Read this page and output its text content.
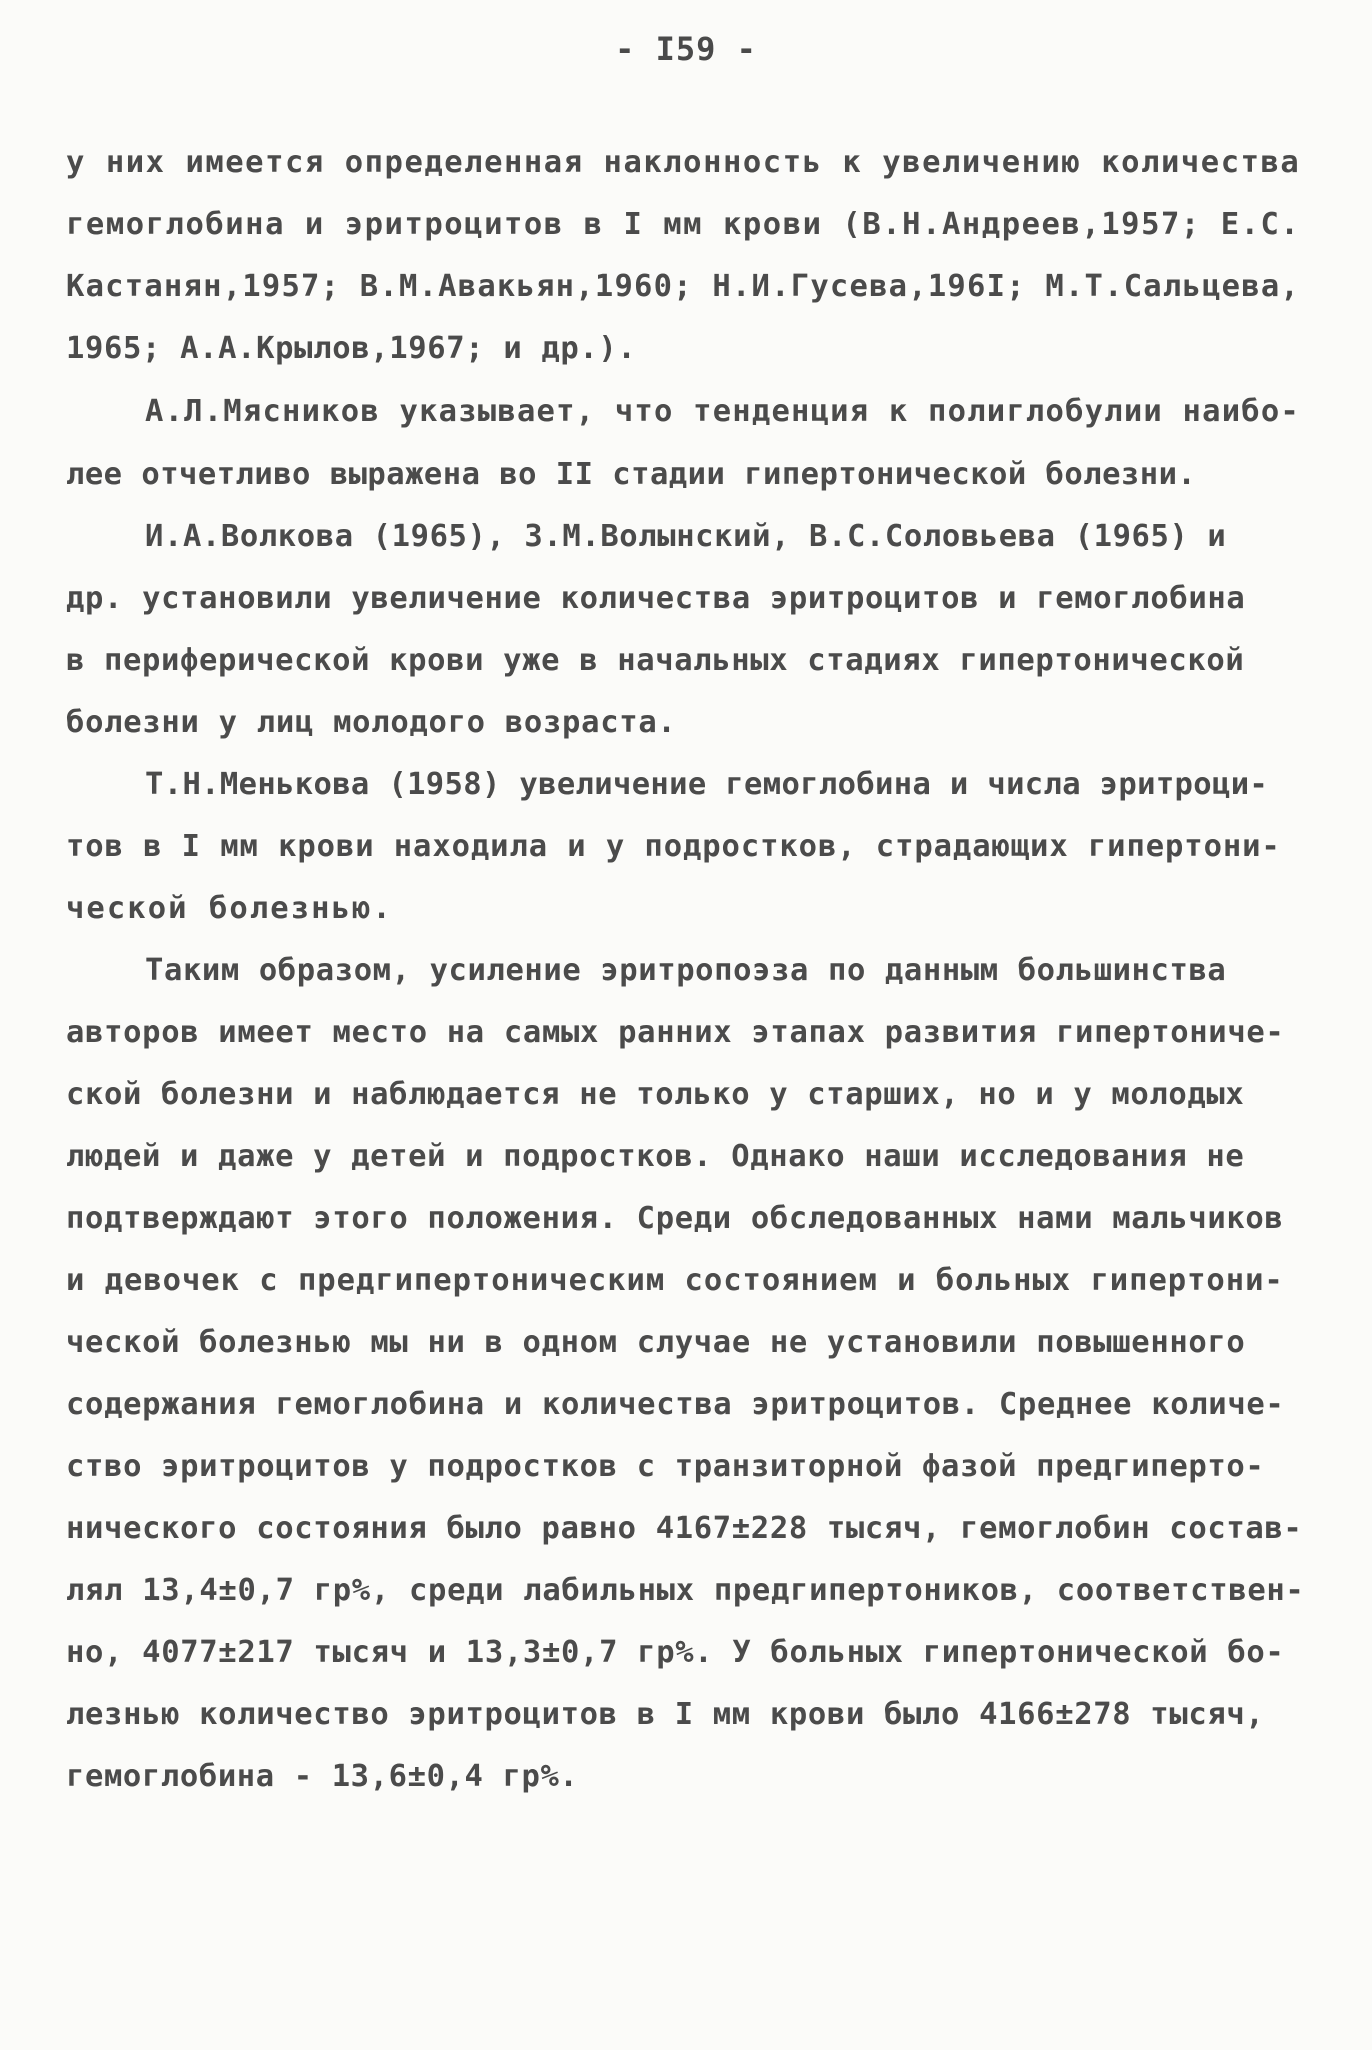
- I59 -
у них имеется определенная наклонность к увеличению количества
гемоглобина и эритроцитов в I мм крови (В.Н.Андреев,1957; Е.С.
Кастанян,1957; В.М.Авакьян,1960; Н.И.Гусева,196I; М.Т.Сальцева,
1965; А.А.Крылов,1967; и др.).
А.Л.Мясников указывает, что тенденция к полиглобулии наибо-
лее отчетливо выражена во II стадии гипертонической болезни.
И.А.Волкова (1965), З.М.Волынский, В.С.Соловьева (1965) и
др. установили увеличение количества эритроцитов и гемоглобина
в периферической крови уже в начальных стадиях гипертонической
болезни у лиц молодого возраста.
Т.Н.Менькова (1958) увеличение гемоглобина и числа эритроци-
тов в I мм крови находила и у подростков, страдающих гипертони-
ческой болезнью.
Таким образом, усиление эритропоэза по данным большинства
авторов имеет место на самых ранних этапах развития гипертониче-
ской болезни и наблюдается не только у старших, но и у молодых
людей и даже у детей и подростков. Однако наши исследования не
подтверждают этого положения. Среди обследованных нами мальчиков
и девочек с предгипертоническим состоянием и больных гипертони-
ческой болезнью мы ни в одном случае не установили повышенного
содержания гемоглобина и количества эритроцитов. Среднее количе-
ство эритроцитов у подростков с транзиторной фазой предгиперто-
нического состояния было равно 4167±228 тысяч, гемоглобин состав-
лял 13,4±0,7 гр%, среди лабильных предгипертоников, соответствен-
но, 4077±217 тысяч и 13,3±0,7 гр%. У больных гипертонической бо-
лезнью количество эритроцитов в I мм крови было 4166±278 тысяч,
гемоглобина - 13,6±0,4 гр%.
